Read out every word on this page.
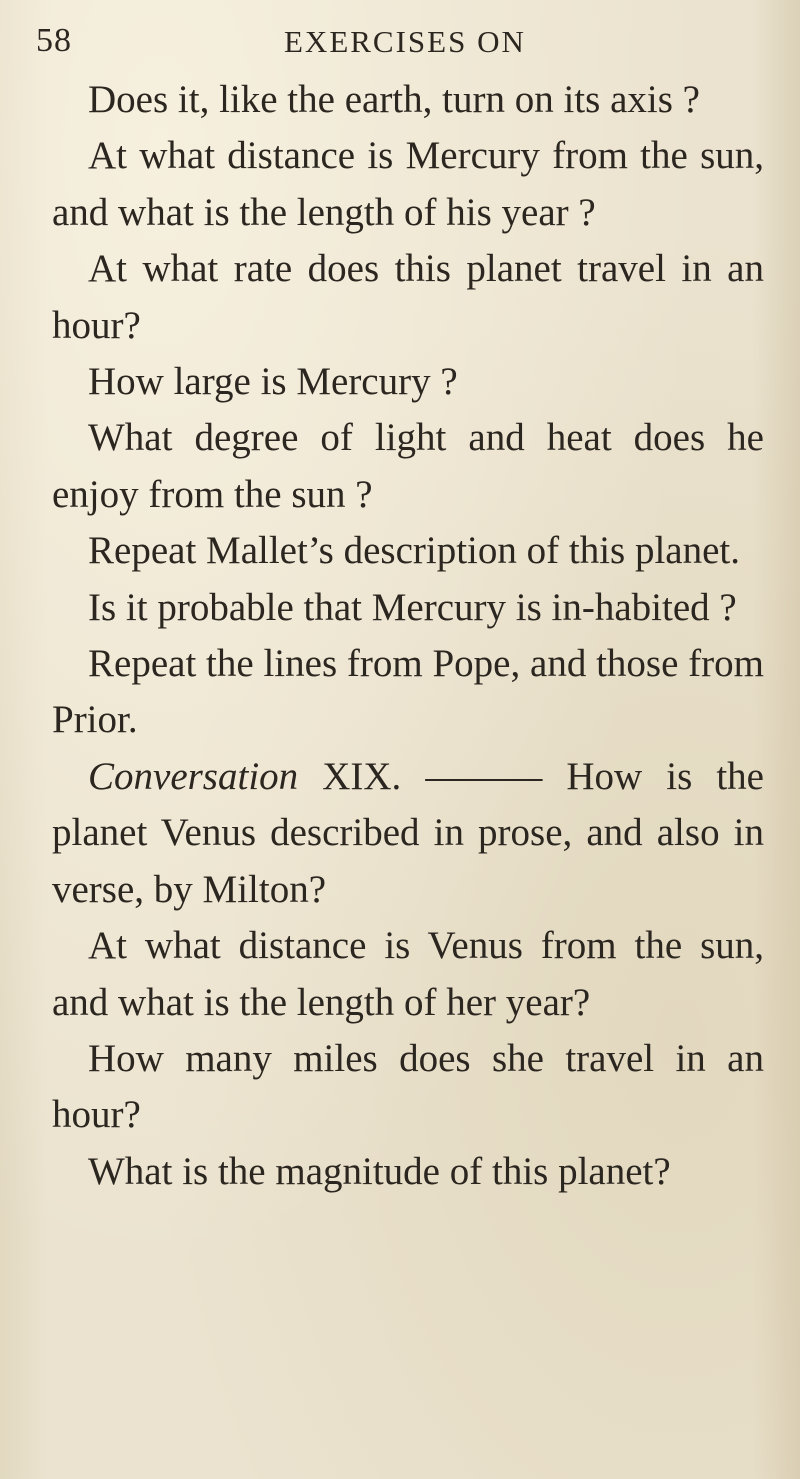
58	EXERCISES ON

Does it, like the earth, turn on its axis ?

At what distance is Mercury from the sun, and what is the length of his year ?

At what rate does this planet travel in an hour?

How large is Mercury ?

What degree of light and heat does he enjoy from the sun ?

Repeat Mallet’s description of this planet.

Is it probable that Mercury is in-habited ?

Repeat the lines from Pope, and those from Prior.

Conversation XIX. ——— How is the planet Venus described in prose, and also in verse, by Milton?

At what distance is Venus from the sun, and what is the length of her year?

How many miles does she travel in an hour?

What is the magnitude of this planet?
